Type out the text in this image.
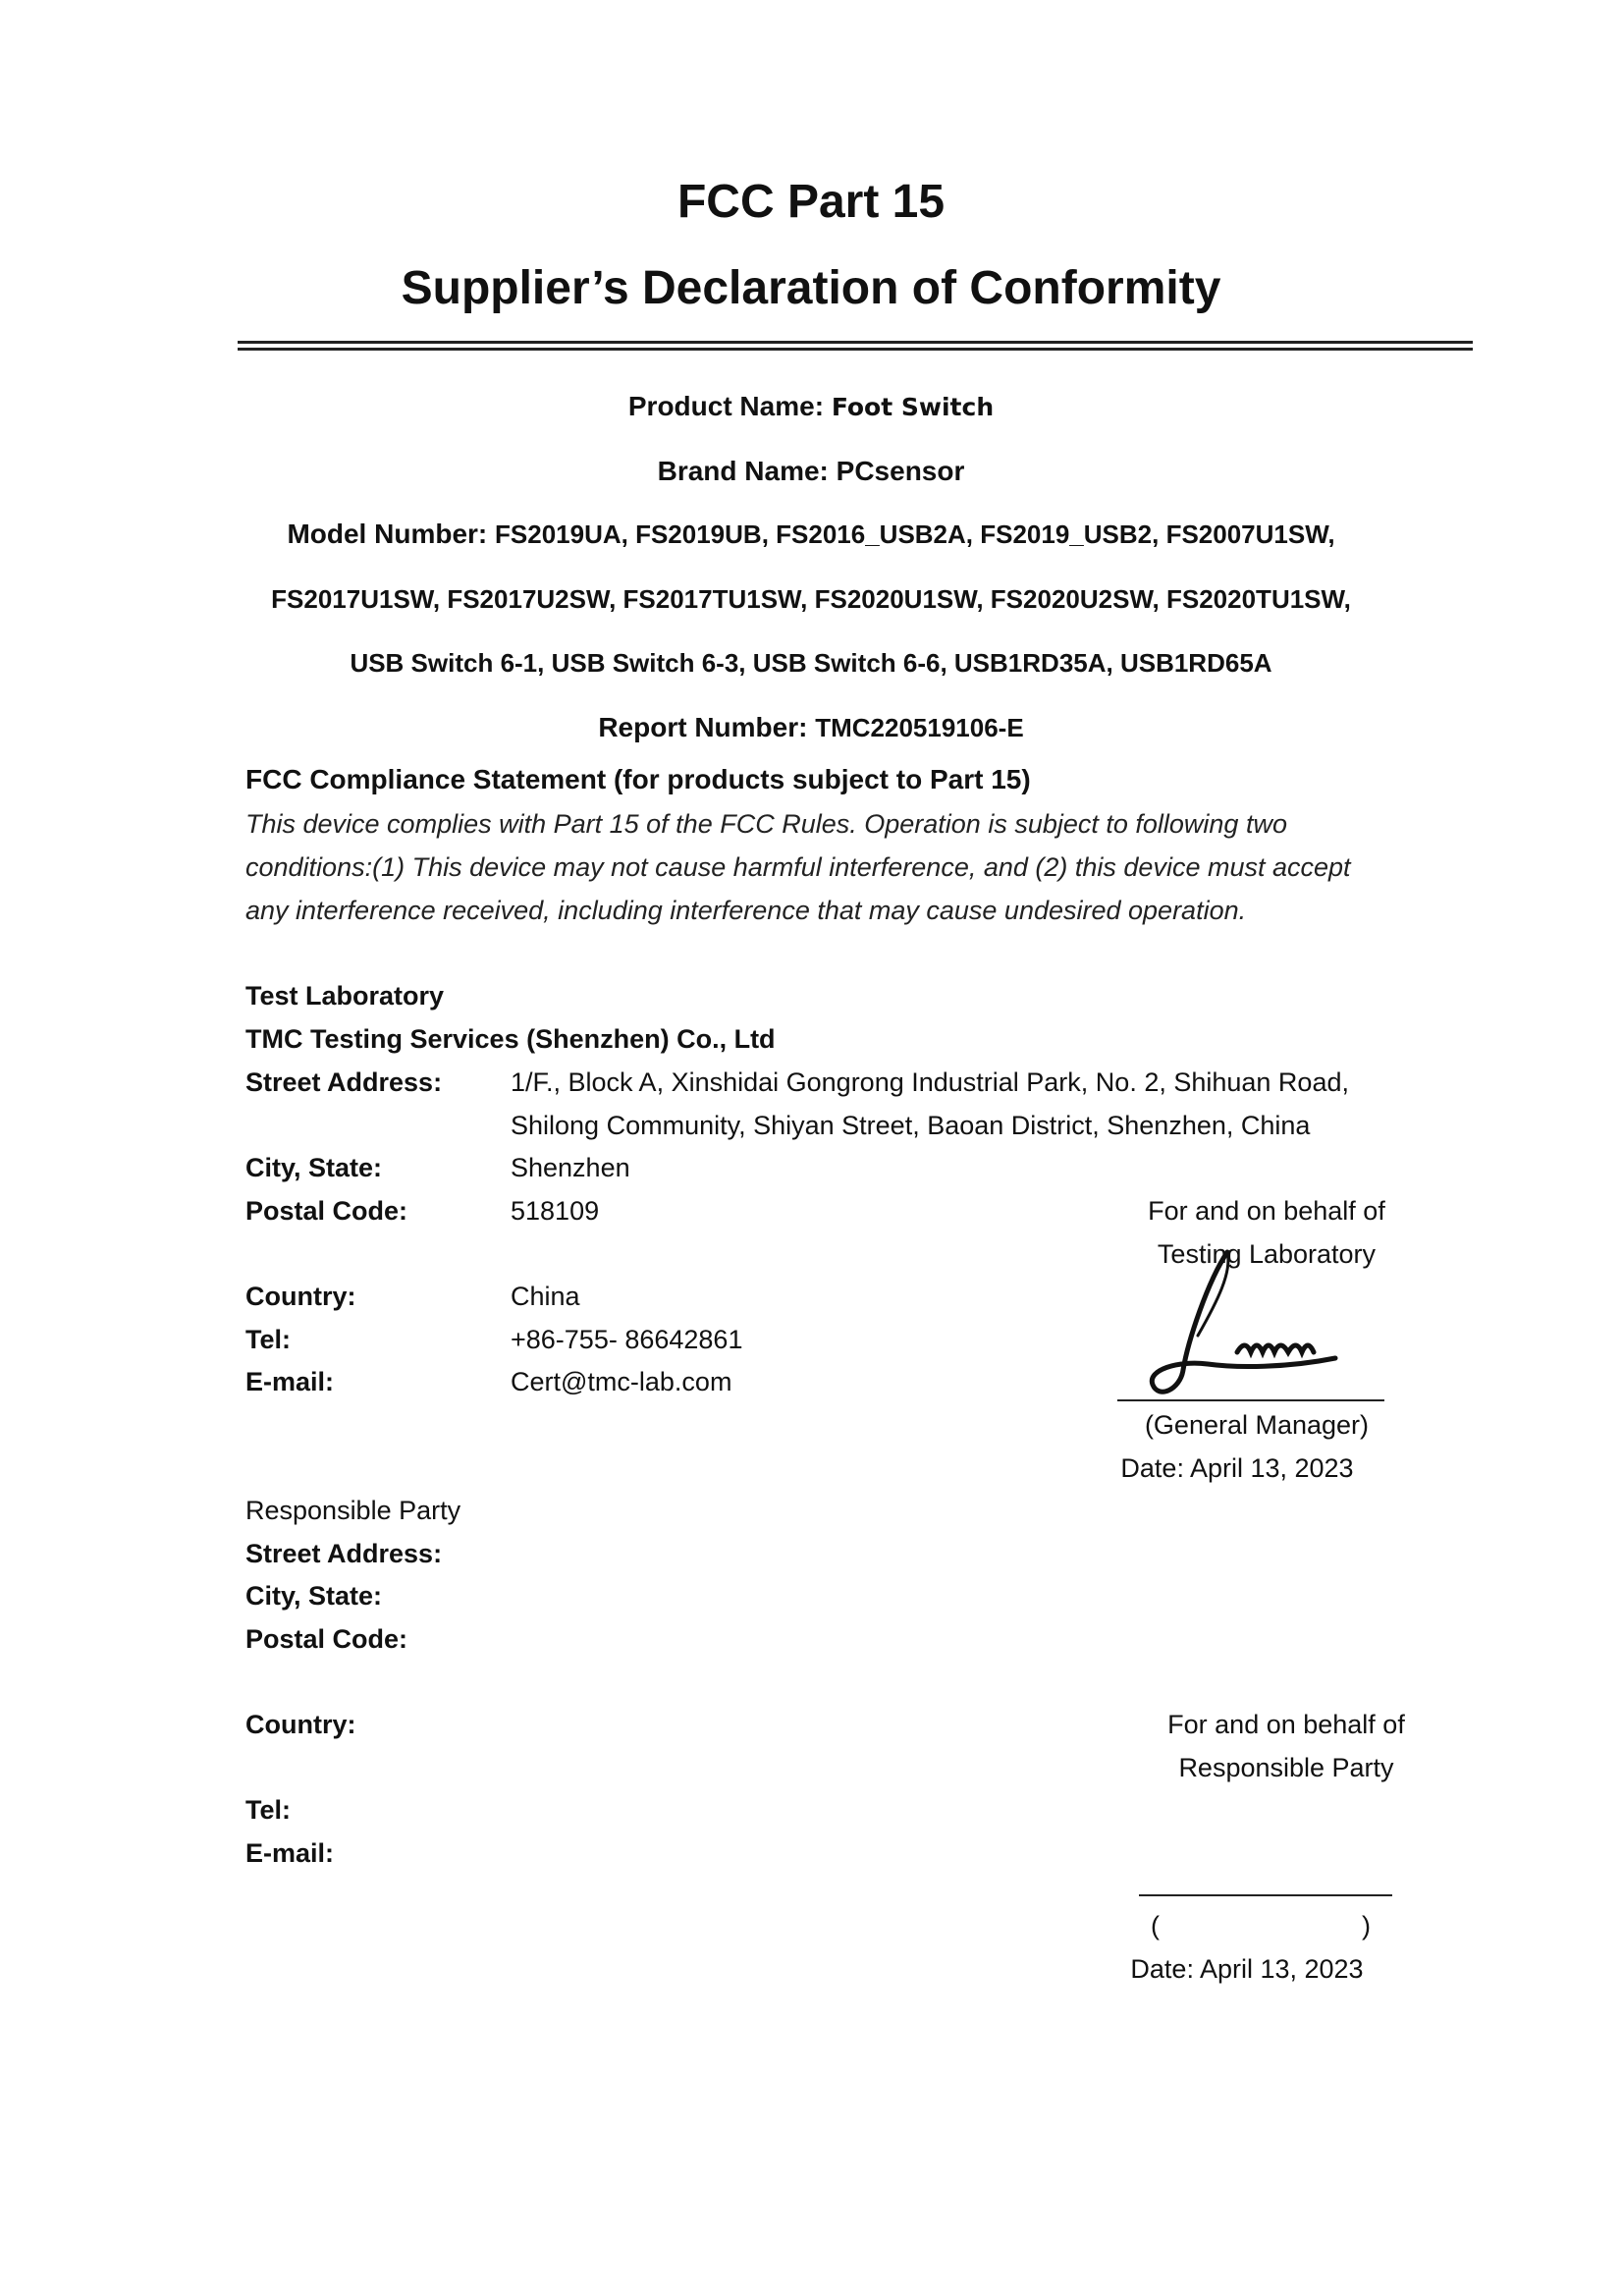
FCC Part 15
Supplier’s Declaration of Conformity
Product Name: Foot Switch
Brand Name: PCsensor
Model Number: FS2019UA, FS2019UB, FS2016_USB2A, FS2019_USB2, FS2007U1SW,
FS2017U1SW, FS2017U2SW, FS2017TU1SW, FS2020U1SW, FS2020U2SW, FS2020TU1SW,
USB Switch 6-1, USB Switch 6-3, USB Switch 6-6, USB1RD35A, USB1RD65A
Report Number: TMC220519106-E
FCC Compliance Statement (for products subject to Part 15)
This device complies with Part 15 of the FCC Rules. Operation is subject to following two
conditions:(1) This device may not cause harmful interference, and (2) this device must accept
any interference received, including interference that may cause undesired operation.
Test Laboratory
TMC Testing Services (Shenzhen) Co., Ltd
Street Address:	1/F., Block A, Xinshidai Gongrong Industrial Park, No. 2, Shihuan Road,
Shilong Community, Shiyan Street, Baoan District, Shenzhen, China
City, State:	Shenzhen
Postal Code:	518109
Country:	China
Tel:	+86-755- 86642861
E-mail:	Cert@tmc-lab.com
For and on behalf of
Testing Laboratory
(General Manager)
Date: April 13, 2023
Responsible Party
Street Address:
City, State:
Postal Code:
Country:
Tel:
E-mail:
For and on behalf of
Responsible Party
(	)
Date: April 13, 2023
